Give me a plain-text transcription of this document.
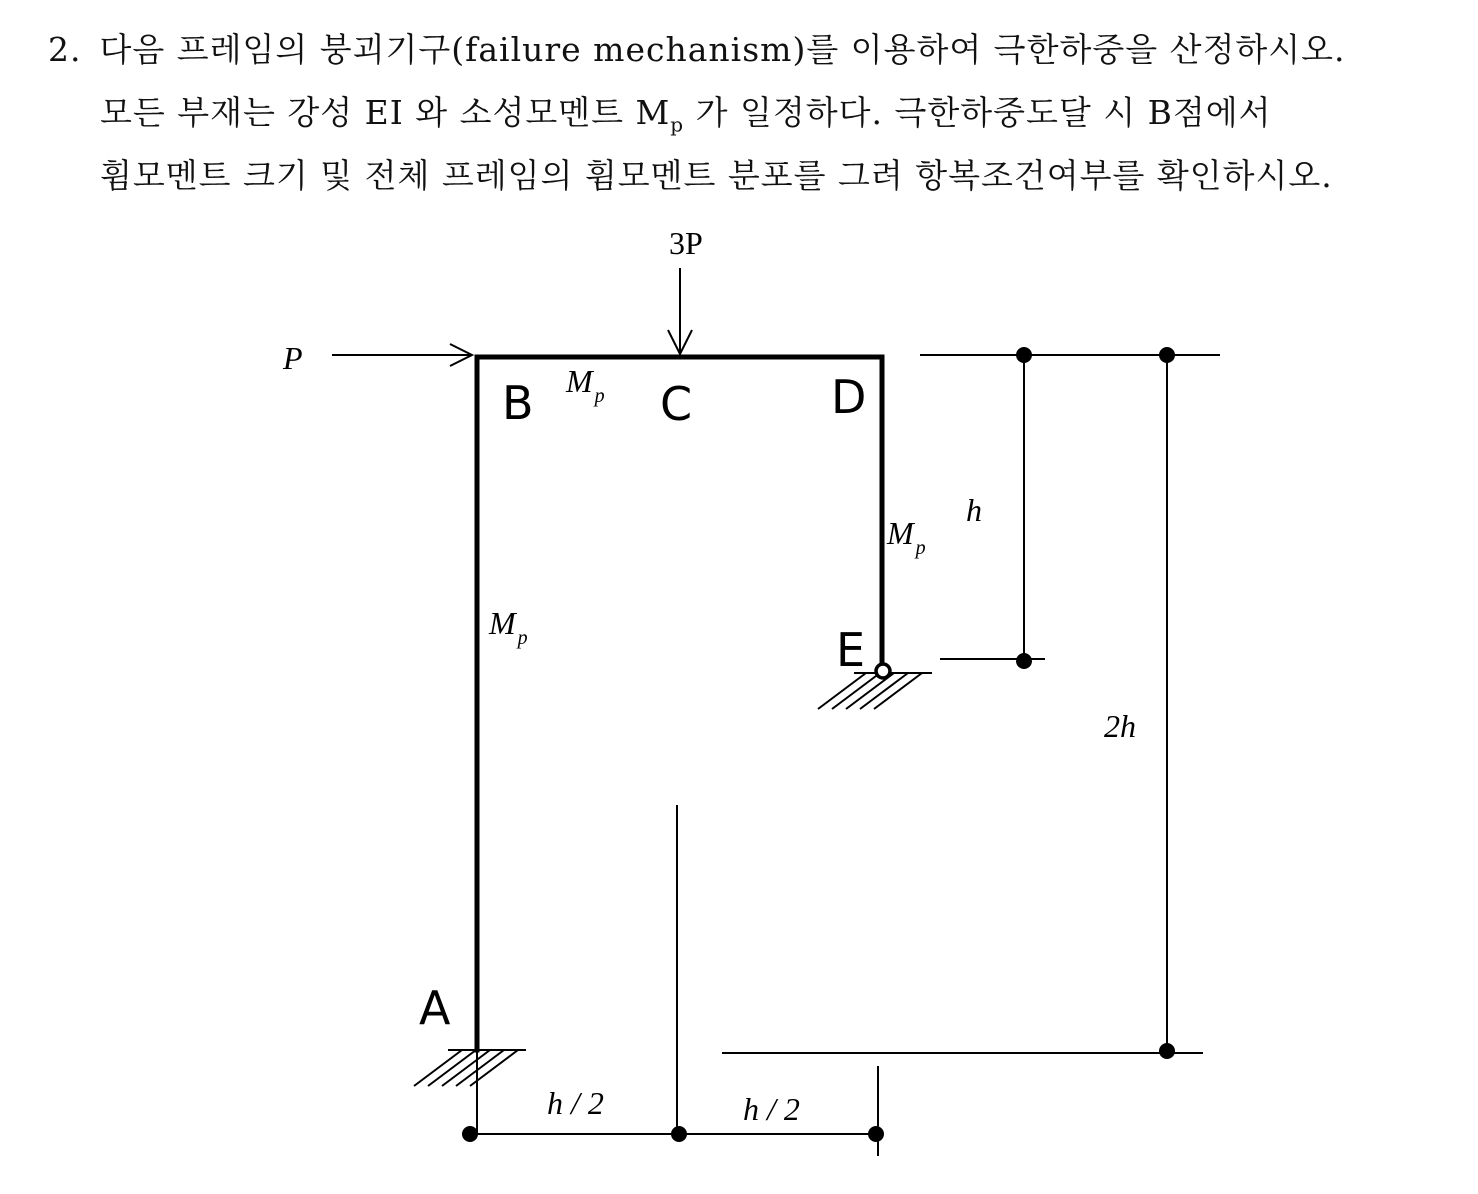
2. 다음 프레임의 붕괴기구(failure mechanism)를 이용하여 극한하중을 산정하시오.
모든 부재는 강성 EI 와 소성모멘트 $M_p$ 가 일정하다. 극한하중도달 시 B점에서
휨모멘트 크기 및 전체 프레임의 휨모멘트 분포를 그려 항복조건여부를 확인하시오.
B	C	D
E
A
3P
P
M $_p$
M $_p$
M $_p$
h
2h
h / 2	h / 2
